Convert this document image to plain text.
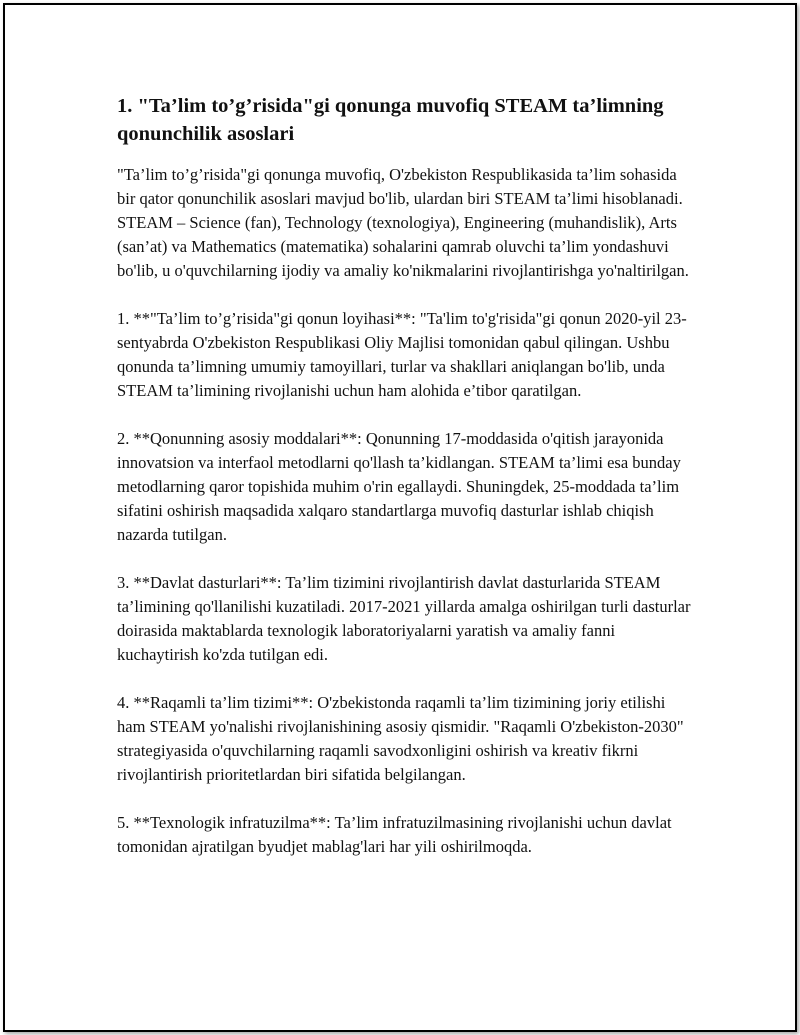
1. "Ta’lim to’g’risida"gi qonunga muvofiq STEAM ta’limning qonunchilik asoslari

"Ta’lim to’g’risida"gi qonunga muvofiq, O'zbekiston Respublikasida ta’lim sohasida bir qator qonunchilik asoslari mavjud bo'lib, ulardan biri STEAM ta’limi hisoblanadi. STEAM – Science (fan), Technology (texnologiya), Engineering (muhandislik), Arts (san’at) va Mathematics (matematika) sohalarini qamrab oluvchi ta’lim yondashuvi bo'lib, u o'quvchilarning ijodiy va amaliy ko'nikmalarini rivojlantirishga yo'naltirilgan.

1. **"Ta’lim to’g’risida"gi qonun loyihasi**: "Ta'lim to'g'risida"gi qonun 2020-yil 23-sentyabrda O'zbekiston Respublikasi Oliy Majlisi tomonidan qabul qilingan. Ushbu qonunda ta’limning umumiy tamoyillari, turlar va shakllari aniqlangan bo'lib, unda STEAM ta’limining rivojlanishi uchun ham alohida e’tibor qaratilgan.

2. **Qonunning asosiy moddalari**: Qonunning 17-moddasida o'qitish jarayonida innovatsion va interfaol metodlarni qo'llash ta’kidlangan. STEAM ta’limi esa bunday metodlarning qaror topishida muhim o'rin egallaydi. Shuningdek, 25-moddada ta’lim sifatini oshirish maqsadida xalqaro standartlarga muvofiq dasturlar ishlab chiqish nazarda tutilgan.

3. **Davlat dasturlari**: Ta’lim tizimini rivojlantirish davlat dasturlarida STEAM ta’limining qo'llanilishi kuzatiladi. 2017-2021 yillarda amalga oshirilgan turli dasturlar doirasida maktablarda texnologik laboratoriyalarni yaratish va amaliy fanni kuchaytirish ko'zda tutilgan edi.

4. **Raqamli ta’lim tizimi**: O'zbekistonda raqamli ta’lim tizimining joriy etilishi ham STEAM yo'nalishi rivojlanishining asosiy qismidir. "Raqamli O'zbekiston-2030" strategiyasida o'quvchilarning raqamli savodxonligini oshirish va kreativ fikrni rivojlantirish prioritetlardan biri sifatida belgilangan.

5. **Texnologik infratuzilma**: Ta’lim infratuzilmasining rivojlanishi uchun davlat tomonidan ajratilgan byudjet mablag'lari har yili oshirilmoqda.
